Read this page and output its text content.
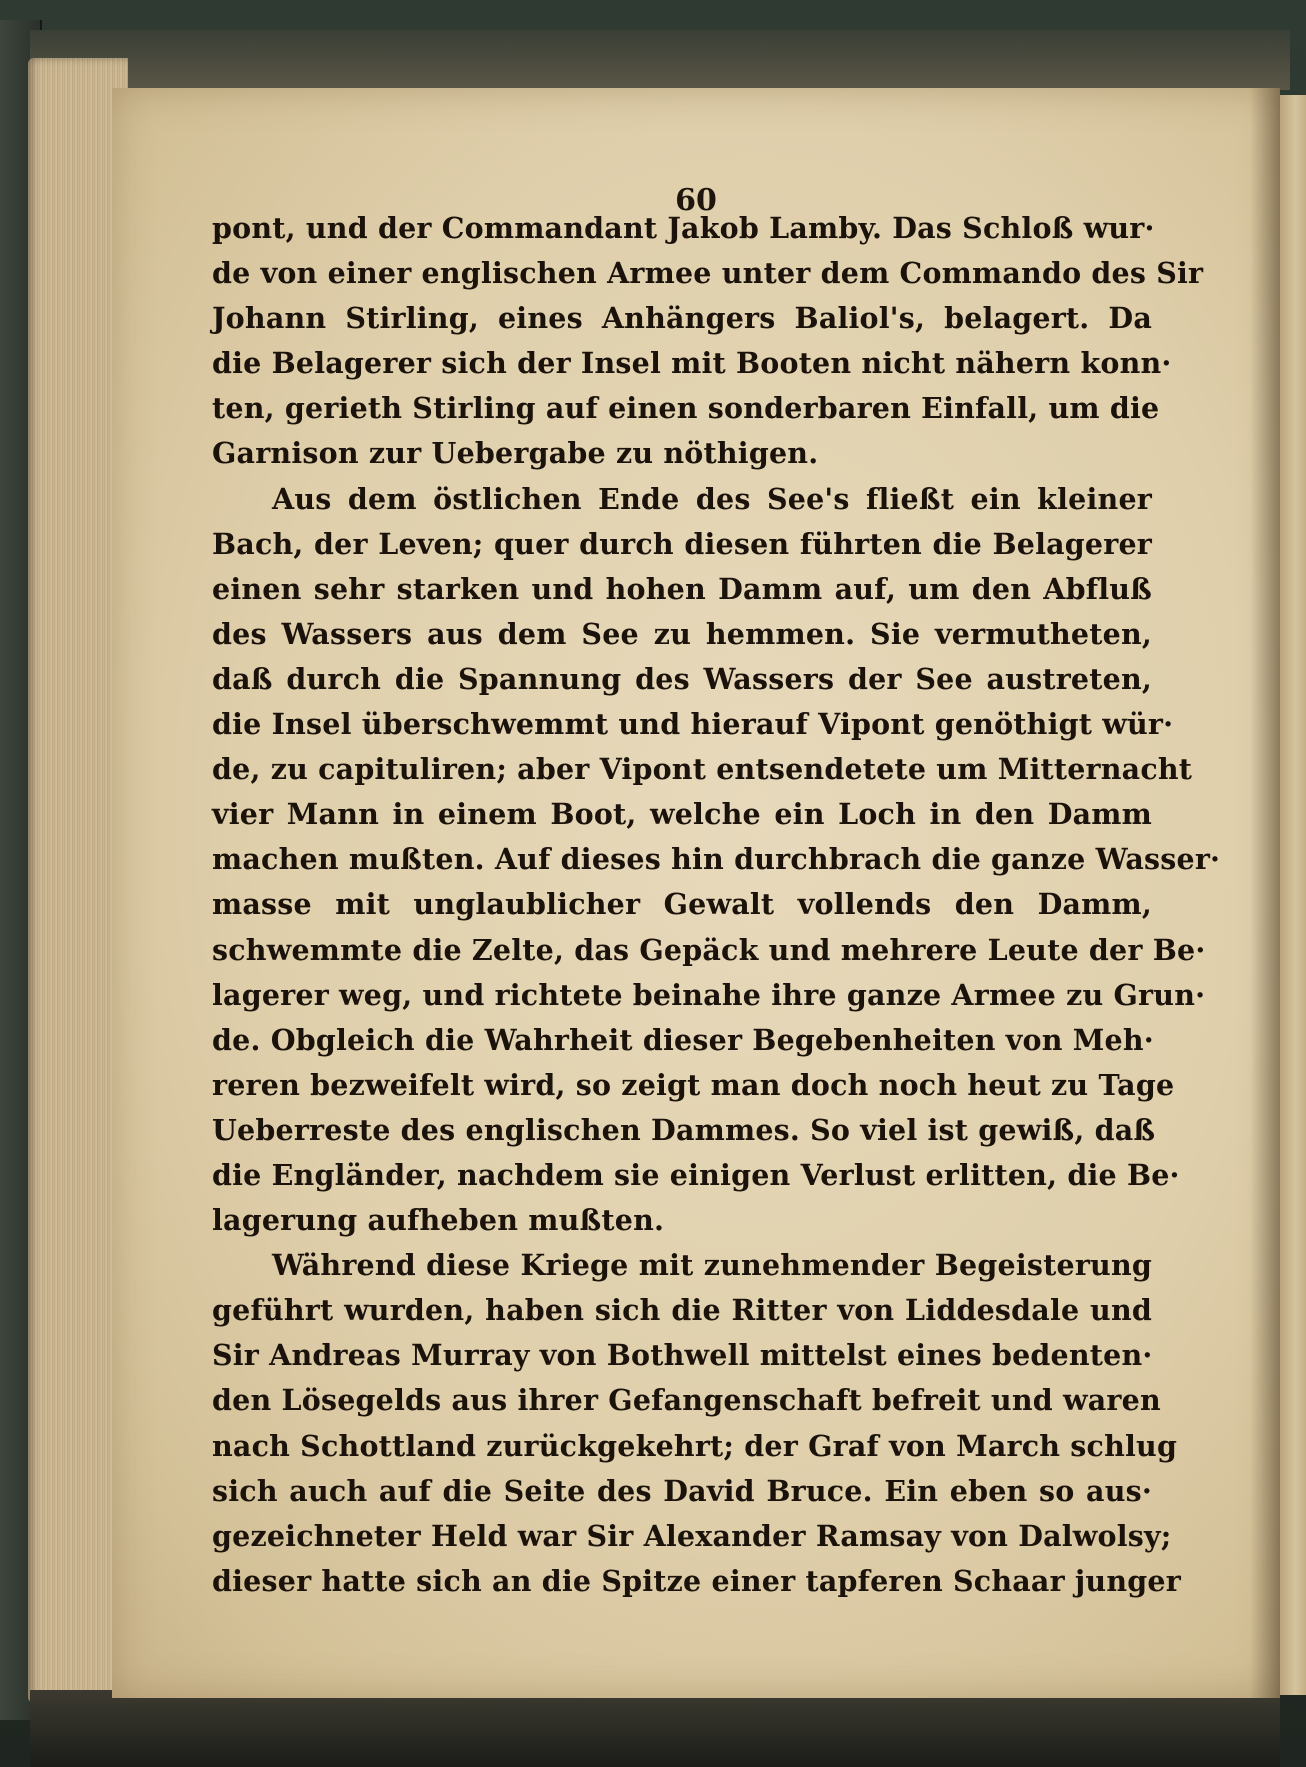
60
pont, und der Commandant Jakob Lamby. Das Schloß wur·
de von einer englischen Armee unter dem Commando des Sir
Johann Stirling, eines Anhängers Baliol's, belagert. Da
die Belagerer sich der Insel mit Booten nicht nähern konn·
ten, gerieth Stirling auf einen sonderbaren Einfall, um die
Garnison zur Uebergabe zu nöthigen.
Aus dem östlichen Ende des See's fließt ein kleiner
Bach, der Leven; quer durch diesen führten die Belagerer
einen sehr starken und hohen Damm auf, um den Abfluß
des Wassers aus dem See zu hemmen. Sie vermutheten,
daß durch die Spannung des Wassers der See austreten,
die Insel überschwemmt und hierauf Vipont genöthigt wür·
de, zu capituliren; aber Vipont entsendetete um Mitternacht
vier Mann in einem Boot, welche ein Loch in den Damm
machen mußten. Auf dieses hin durchbrach die ganze Wasser·
masse mit unglaublicher Gewalt vollends den Damm,
schwemmte die Zelte, das Gepäck und mehrere Leute der Be·
lagerer weg, und richtete beinahe ihre ganze Armee zu Grun·
de. Obgleich die Wahrheit dieser Begebenheiten von Meh·
reren bezweifelt wird, so zeigt man doch noch heut zu Tage
Ueberreste des englischen Dammes. So viel ist gewiß, daß
die Engländer, nachdem sie einigen Verlust erlitten, die Be·
lagerung aufheben mußten.
Während diese Kriege mit zunehmender Begeisterung
geführt wurden, haben sich die Ritter von Liddesdale und
Sir Andreas Murray von Bothwell mittelst eines bedenten·
den Lösegelds aus ihrer Gefangenschaft befreit und waren
nach Schottland zurückgekehrt; der Graf von March schlug
sich auch auf die Seite des David Bruce. Ein eben so aus·
gezeichneter Held war Sir Alexander Ramsay von Dalwolsy;
dieser hatte sich an die Spitze einer tapferen Schaar junger
